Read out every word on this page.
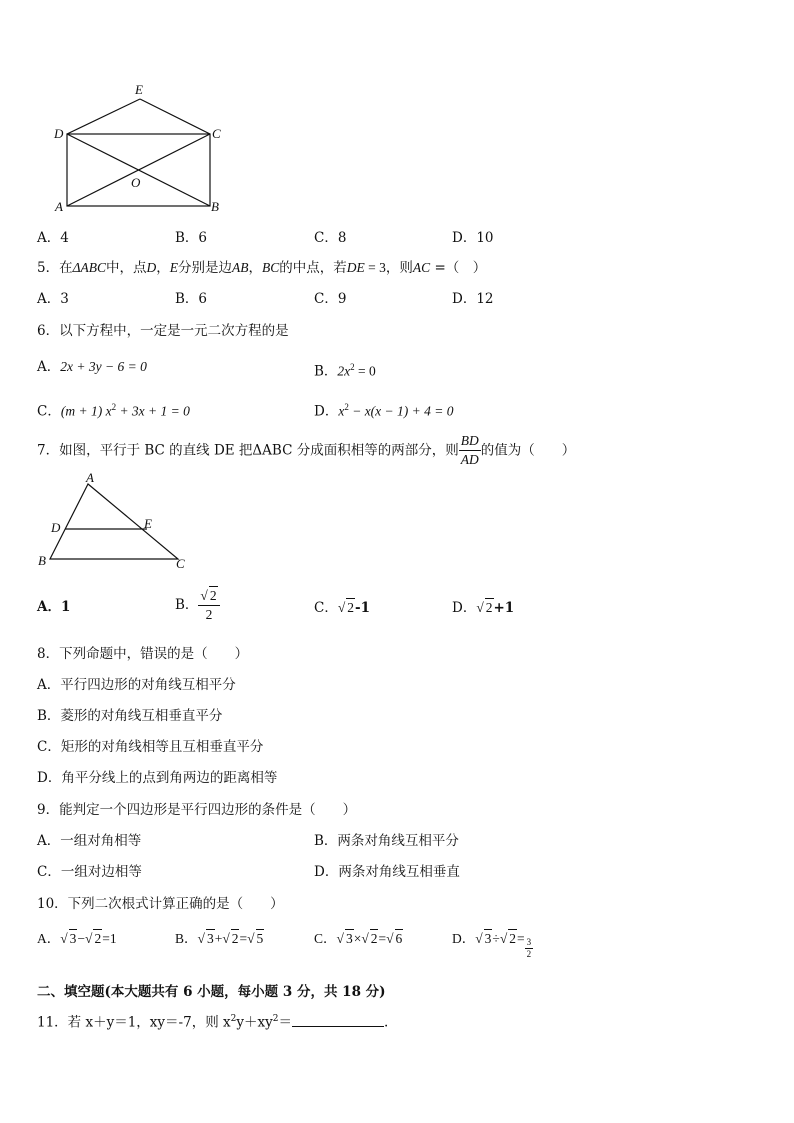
E
D	C
O
A	B
A．4	B．6	C．8	D．10
5．在ΔABC中，点D，E分别是边AB，BC的中点，若DE = 3，则AC =（　）
A．3	B．6	C．9	D．12
6．以下方程中，一定是一元二次方程的是
A．2x + 3y − 6 = 0	B．$2x^2 = 0$
C．(m + 1) $x^2 + 3x + 1 = 0$	D．$x^2 - x(x - 1) + 4 = 0$
7．如图，平行于 BC 的直线 DE 把ΔABC 分成面积相等的两部分，则 $\frac{BD}{AD}$ 的值为（　　）
A
D	E
B	C
A．1	B． $\frac{√ 2}{2}$	C．√ 2-1	D．√ 2+1
8．下列命题中，错误的是（　　）
A．平行四边形的对角线互相平分
B．菱形的对角线互相垂直平分
C．矩形的对角线相等且互相垂直平分
D．角平分线上的点到角两边的距离相等
9．能判定一个四边形是平行四边形的条件是（　　）
A．一组对角相等	B．两条对角线互相平分
C．一组对边相等	D．两条对角线互相垂直
10．下列二次根式计算正确的是（　　）
A．√ 3−√ 2=1	B．√ 3+√ 2=√ 5	C．√ 3×√ 2=√ 6	D．√ 3÷√ $2= \frac{3}{2}$
二、填空题(本大题共有 6 小题，每小题 3 分，共 18 分)
11．若 x＋y＝1，xy＝-7，则 $x^2y+xy^2=$	.
